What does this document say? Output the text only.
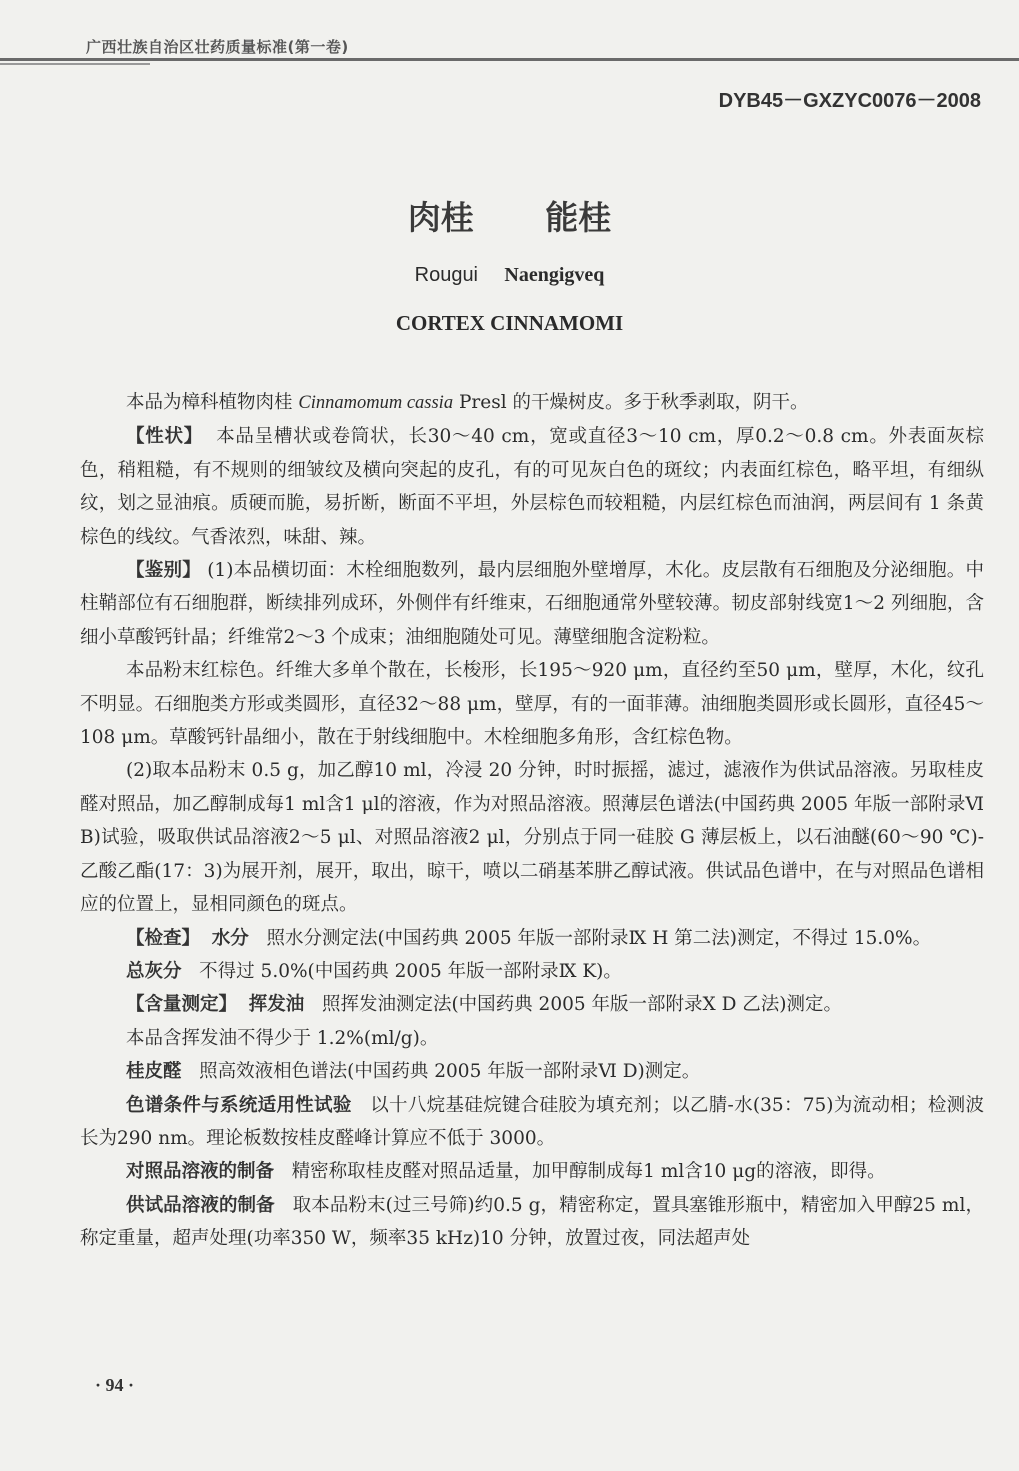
广西壮族自治区壮药质量标准(第一卷)
DYB45－GXZYC0076－2008
肉桂 能桂
Rougui Naengigveq
CORTEX CINNAMOMI

本品为樟科植物肉桂 Cinnamomum cassia Presl 的干燥树皮。多于秋季剥取，阴干。

【性状】 本品呈槽状或卷筒状，长30～40 cm，宽或直径3～10 cm，厚0.2～0.8 cm。外表面灰棕色，稍粗糙，有不规则的细皱纹及横向突起的皮孔，有的可见灰白色的斑纹；内表面红棕色，略平坦，有细纵纹，划之显油痕。质硬而脆，易折断，断面不平坦，外层棕色而较粗糙，内层红棕色而油润，两层间有 1 条黄棕色的线纹。气香浓烈，味甜、辣。

【鉴别】 (1)本品横切面：木栓细胞数列，最内层细胞外壁增厚，木化。皮层散有石细胞及分泌细胞。中柱鞘部位有石细胞群，断续排列成环，外侧伴有纤维束，石细胞通常外壁较薄。韧皮部射线宽1～2 列细胞，含细小草酸钙针晶；纤维常2～3 个成束；油细胞随处可见。薄壁细胞含淀粉粒。

本品粉末红棕色。纤维大多单个散在，长梭形，长195～920 μm，直径约至50 μm，壁厚，木化，纹孔不明显。石细胞类方形或类圆形，直径32～88 μm，壁厚，有的一面菲薄。油细胞类圆形或长圆形，直径45～108 μm。草酸钙针晶细小，散在于射线细胞中。木栓细胞多角形，含红棕色物。

(2)取本品粉末 0.5 g，加乙醇10 ml，冷浸 20 分钟，时时振摇，滤过，滤液作为供试品溶液。另取桂皮醛对照品，加乙醇制成每1 ml含1 μl的溶液，作为对照品溶液。照薄层色谱法(中国药典 2005 年版一部附录Ⅵ B)试验，吸取供试品溶液2～5 μl、对照品溶液2 μl，分别点于同一硅胶 G 薄层板上，以石油醚(60～90 ℃)-乙酸乙酯(17：3)为展开剂，展开，取出，晾干，喷以二硝基苯肼乙醇试液。供试品色谱中，在与对照品色谱相应的位置上，显相同颜色的斑点。

【检查】 水分 照水分测定法(中国药典 2005 年版一部附录Ⅸ H 第二法)测定，不得过 15.0%。

总灰分 不得过 5.0%(中国药典 2005 年版一部附录Ⅸ K)。

【含量测定】 挥发油 照挥发油测定法(中国药典 2005 年版一部附录Ⅹ D 乙法)测定。

本品含挥发油不得少于 1.2%(ml/g)。

桂皮醛 照高效液相色谱法(中国药典 2005 年版一部附录Ⅵ D)测定。

色谱条件与系统适用性试验 以十八烷基硅烷键合硅胶为填充剂；以乙腈-水(35：75)为流动相；检测波长为290 nm。理论板数按桂皮醛峰计算应不低于 3000。

对照品溶液的制备 精密称取桂皮醛对照品适量，加甲醇制成每1 ml含10 μg的溶液，即得。

供试品溶液的制备 取本品粉末(过三号筛)约0.5 g，精密称定，置具塞锥形瓶中，精密加入甲醇25 ml，称定重量，超声处理(功率350 W，频率35 kHz)10 分钟，放置过夜，同法超声处

· 94 ·
